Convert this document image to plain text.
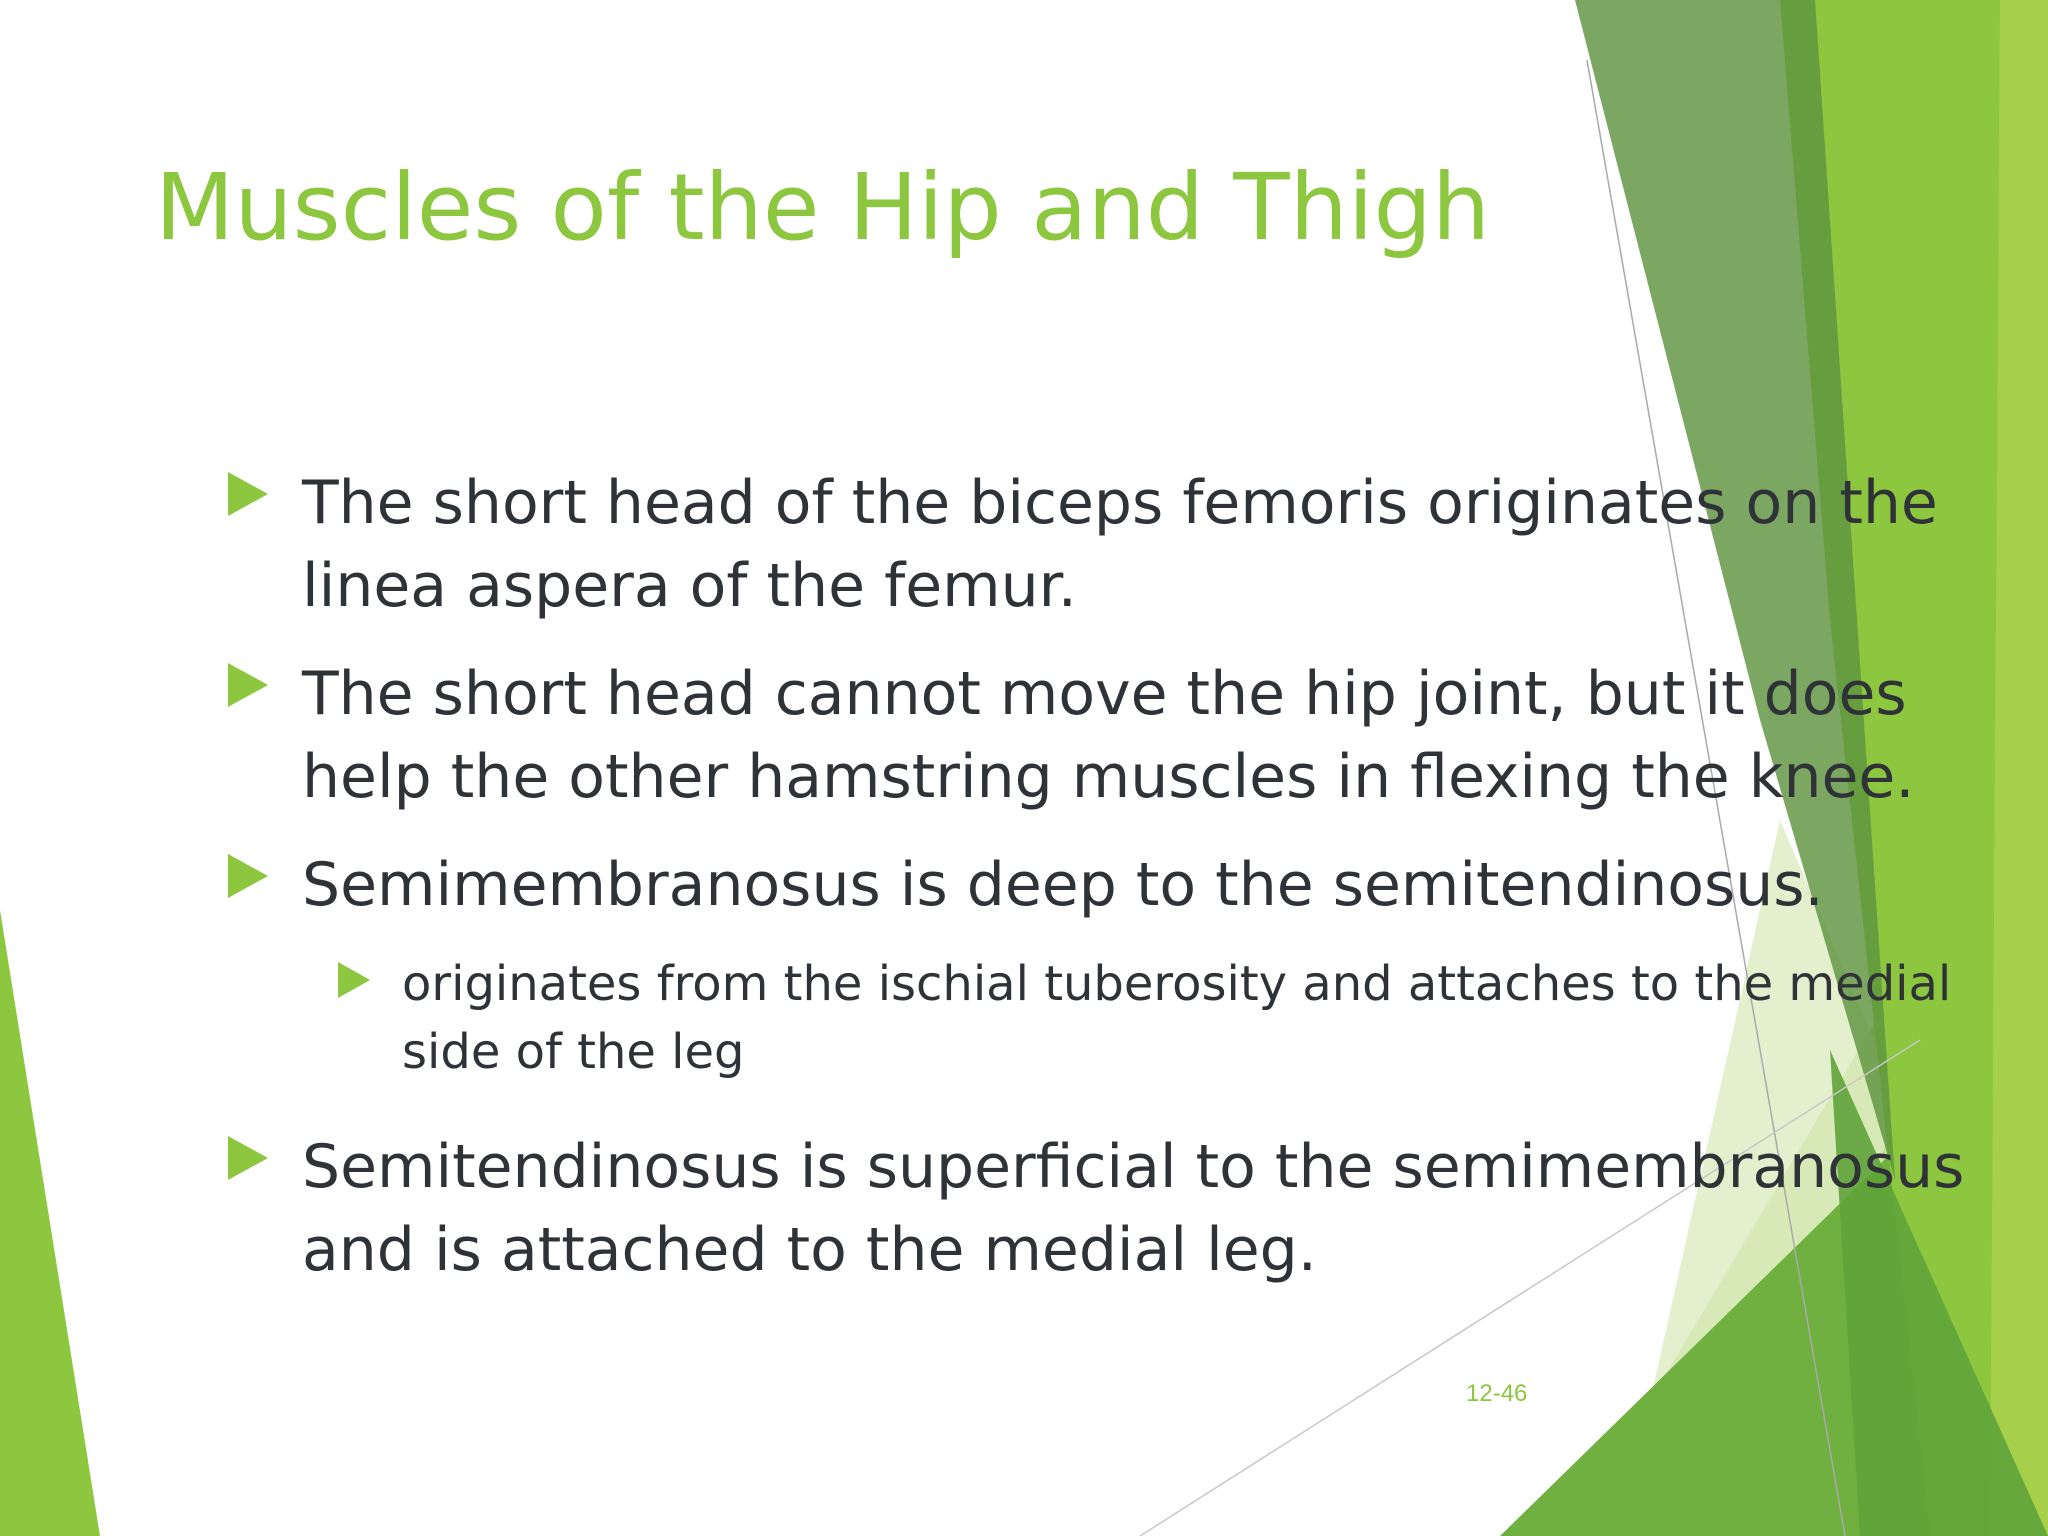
Muscles of the Hip and Thigh
The short head of the biceps femoris originates on the linea aspera of the femur.
The short head cannot move the hip joint, but it does help the other hamstring muscles in flexing the knee.
Semimembranosus is deep to the semitendinosus.
originates from the ischial tuberosity and attaches to the medial side of the leg
Semitendinosus is superficial to the semimembranosus and is attached to the medial leg.
12-46
